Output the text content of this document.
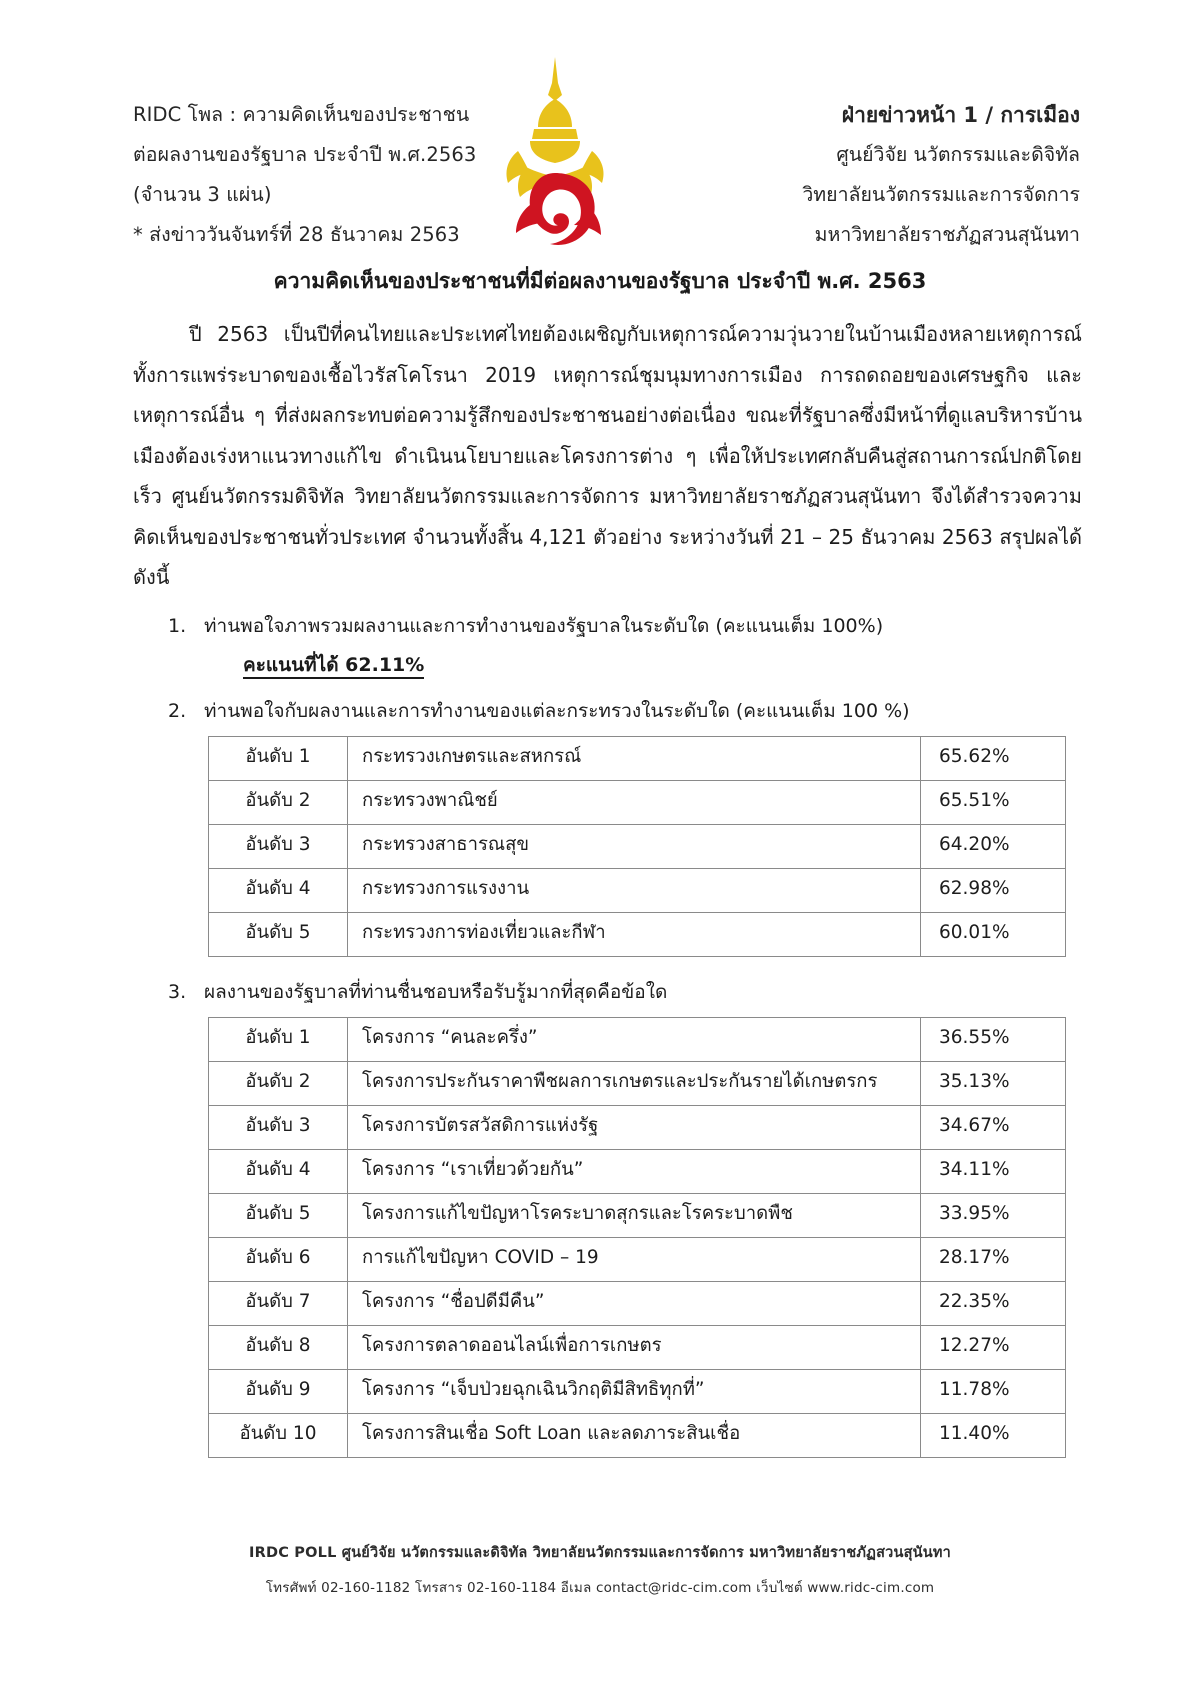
RIDC โพล : ความคิดเห็นของประชาชน
ต่อผลงานของรัฐบาล ประจำปี พ.ศ.2563
(จำนวน 3 แผ่น)
* ส่งข่าววันจันทร์ที่ 28 ธันวาคม 2563
ฝ่ายข่าวหน้า 1 / การเมือง
ศูนย์วิจัย นวัตกรรมและดิจิทัล
วิทยาลัยนวัตกรรมและการจัดการ
มหาวิทยาลัยราชภัฏสวนสุนันทา
ความคิดเห็นของประชาชนที่มีต่อผลงานของรัฐบาล ประจำปี พ.ศ. 2563
ปี 2563 เป็นปีที่คนไทยและประเทศไทยต้องเผชิญกับเหตุการณ์ความวุ่นวายในบ้านเมืองหลายเหตุการณ์ ทั้งการแพร่ระบาดของเชื้อไวรัสโคโรนา 2019 เหตุการณ์ชุมนุมทางการเมือง การถดถอยของเศรษฐกิจ และเหตุการณ์อื่น ๆ ที่ส่งผลกระทบต่อความรู้สึกของประชาชนอย่างต่อเนื่อง ขณะที่รัฐบาลซึ่งมีหน้าที่ดูแลบริหารบ้านเมืองต้องเร่งหาแนวทางแก้ไข ดำเนินนโยบายและโครงการต่าง ๆ เพื่อให้ประเทศกลับคืนสู่สถานการณ์ปกติโดยเร็ว ศูนย์นวัตกรรมดิจิทัล วิทยาลัยนวัตกรรมและการจัดการ มหาวิทยาลัยราชภัฏสวนสุนันทา จึงได้สำรวจความคิดเห็นของประชาชนทั่วประเทศ จำนวนทั้งสิ้น 4,121 ตัวอย่าง ระหว่างวันที่ 21 – 25 ธันวาคม 2563 สรุปผลได้ดังนี้
1. ท่านพอใจภาพรวมผลงานและการทำงานของรัฐบาลในระดับใด (คะแนนเต็ม 100%)
คะแนนที่ได้ 62.11%
2. ท่านพอใจกับผลงานและการทำงานของแต่ละกระทรวงในระดับใด (คะแนนเต็ม 100 %)
อันดับ 1	กระทรวงเกษตรและสหกรณ์	65.62%
อันดับ 2	กระทรวงพาณิชย์	65.51%
อันดับ 3	กระทรวงสาธารณสุข	64.20%
อันดับ 4	กระทรวงการแรงงาน	62.98%
อันดับ 5	กระทรวงการท่องเที่ยวและกีฬา	60.01%
3. ผลงานของรัฐบาลที่ท่านชื่นชอบหรือรับรู้มากที่สุดคือข้อใด
อันดับ 1	โครงการ “คนละครึ่ง”	36.55%
อันดับ 2	โครงการประกันราคาพืชผลการเกษตรและประกันรายได้เกษตรกร	35.13%
อันดับ 3	โครงการบัตรสวัสดิการแห่งรัฐ	34.67%
อันดับ 4	โครงการ “เราเที่ยวด้วยกัน”	34.11%
อันดับ 5	โครงการแก้ไขปัญหาโรคระบาดสุกรและโรคระบาดพืช	33.95%
อันดับ 6	การแก้ไขปัญหา COVID – 19	28.17%
อันดับ 7	โครงการ “ชื่อปดีมีคืน”	22.35%
อันดับ 8	โครงการตลาดออนไลน์เพื่อการเกษตร	12.27%
อันดับ 9	โครงการ “เจ็บป่วยฉุกเฉินวิกฤติมีสิทธิทุกที่”	11.78%
อันดับ 10	โครงการสินเชื่อ Soft Loan และลดภาระสินเชื่อ	11.40%
IRDC POLL ศูนย์วิจัย นวัตกรรมและดิจิทัล วิทยาลัยนวัตกรรมและการจัดการ มหาวิทยาลัยราชภัฏสวนสุนันทา
โทรศัพท์ 02-160-1182 โทรสาร 02-160-1184 อีเมล contact@ridc-cim.com เว็บไซต์ www.ridc-cim.com
